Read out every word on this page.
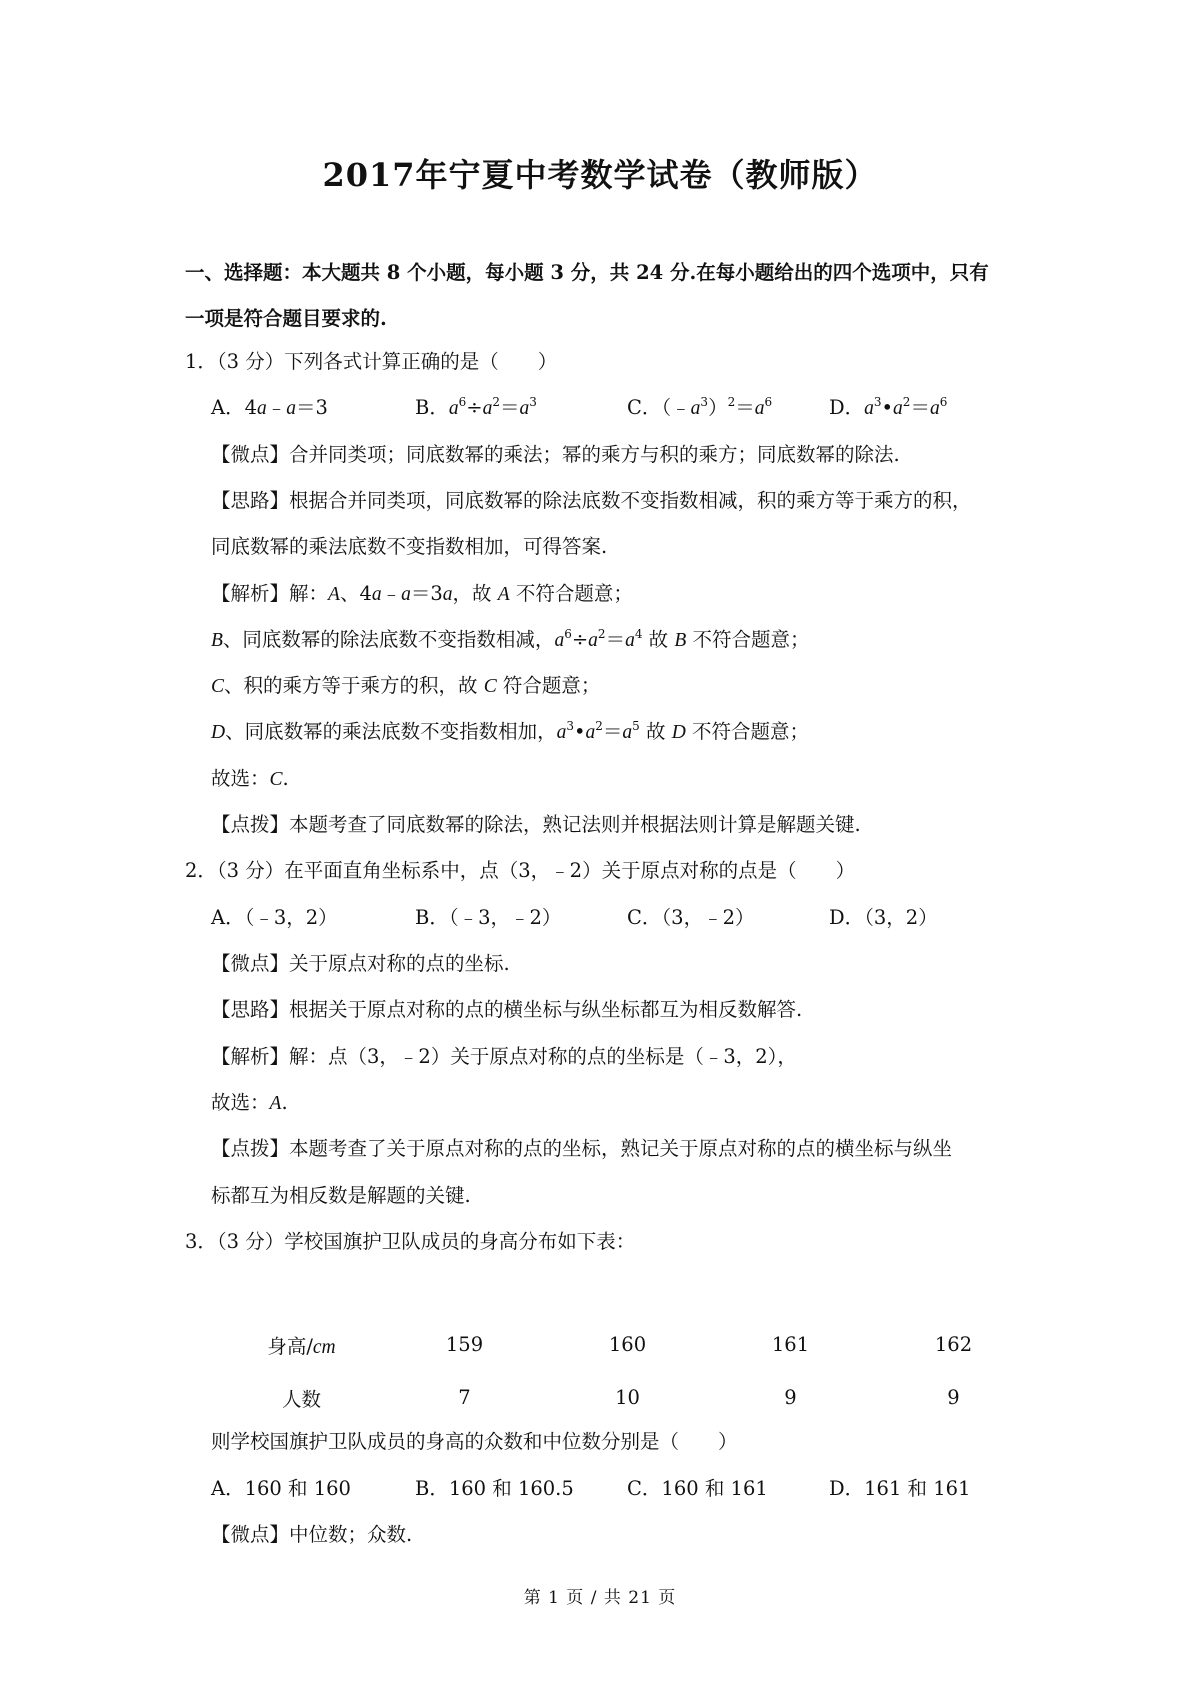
2017年宁夏中考数学试卷（教师版）
一、选择题：本大题共 8 个小题，每小题 3 分，共 24 分.在每小题给出的四个选项中，只有
一项是符合题目要求的.
1．（3 分）下列各式计算正确的是（　　）
A．4a﹣a＝3	B．$a^6\div a^2=a^3$	C．$(﹣a^3)^2=a^6$	D．$a^3•a^2=a^6$
【微点】合并同类项；同底数幂的乘法；幂的乘方与积的乘方；同底数幂的除法.
【思路】根据合并同类项，同底数幂的除法底数不变指数相减，积的乘方等于乘方的积，
同底数幂的乘法底数不变指数相加，可得答案.
【解析】解：A、4a﹣a＝3a，故 A 不符合题意；
B、同底数幂的除法底数不变指数相减，$a^6\div a^2=a^4$ 故 B 不符合题意；
C、积的乘方等于乘方的积，故 C 符合题意；
D、同底数幂的乘法底数不变指数相加，$a^3•a^2=a^5$ 故 D 不符合题意；
故选：C.
【点拨】本题考查了同底数幂的除法，熟记法则并根据法则计算是解题关键.
2．（3 分）在平面直角坐标系中，点（3，﹣2）关于原点对称的点是（　　）
A．（﹣3，2）	B．（﹣3，﹣2）	C．（3，﹣2）	D．（3，2）
【微点】关于原点对称的点的坐标.
【思路】根据关于原点对称的点的横坐标与纵坐标都互为相反数解答.
【解析】解：点（3，﹣2）关于原点对称的点的坐标是（﹣3，2），
故选：A.
【点拨】本题考查了关于原点对称的点的坐标，熟记关于原点对称的点的横坐标与纵坐
标都互为相反数是解题的关键.
3．（3 分）学校国旗护卫队成员的身高分布如下表：
身高/cm	159	160	161	162
人数	7	10	9	9
则学校国旗护卫队成员的身高的众数和中位数分别是（　　）
A．160 和 160	B．160 和 160.5	C．160 和 161	D．161 和 161
【微点】中位数；众数.
第 1 页 / 共 21 页
